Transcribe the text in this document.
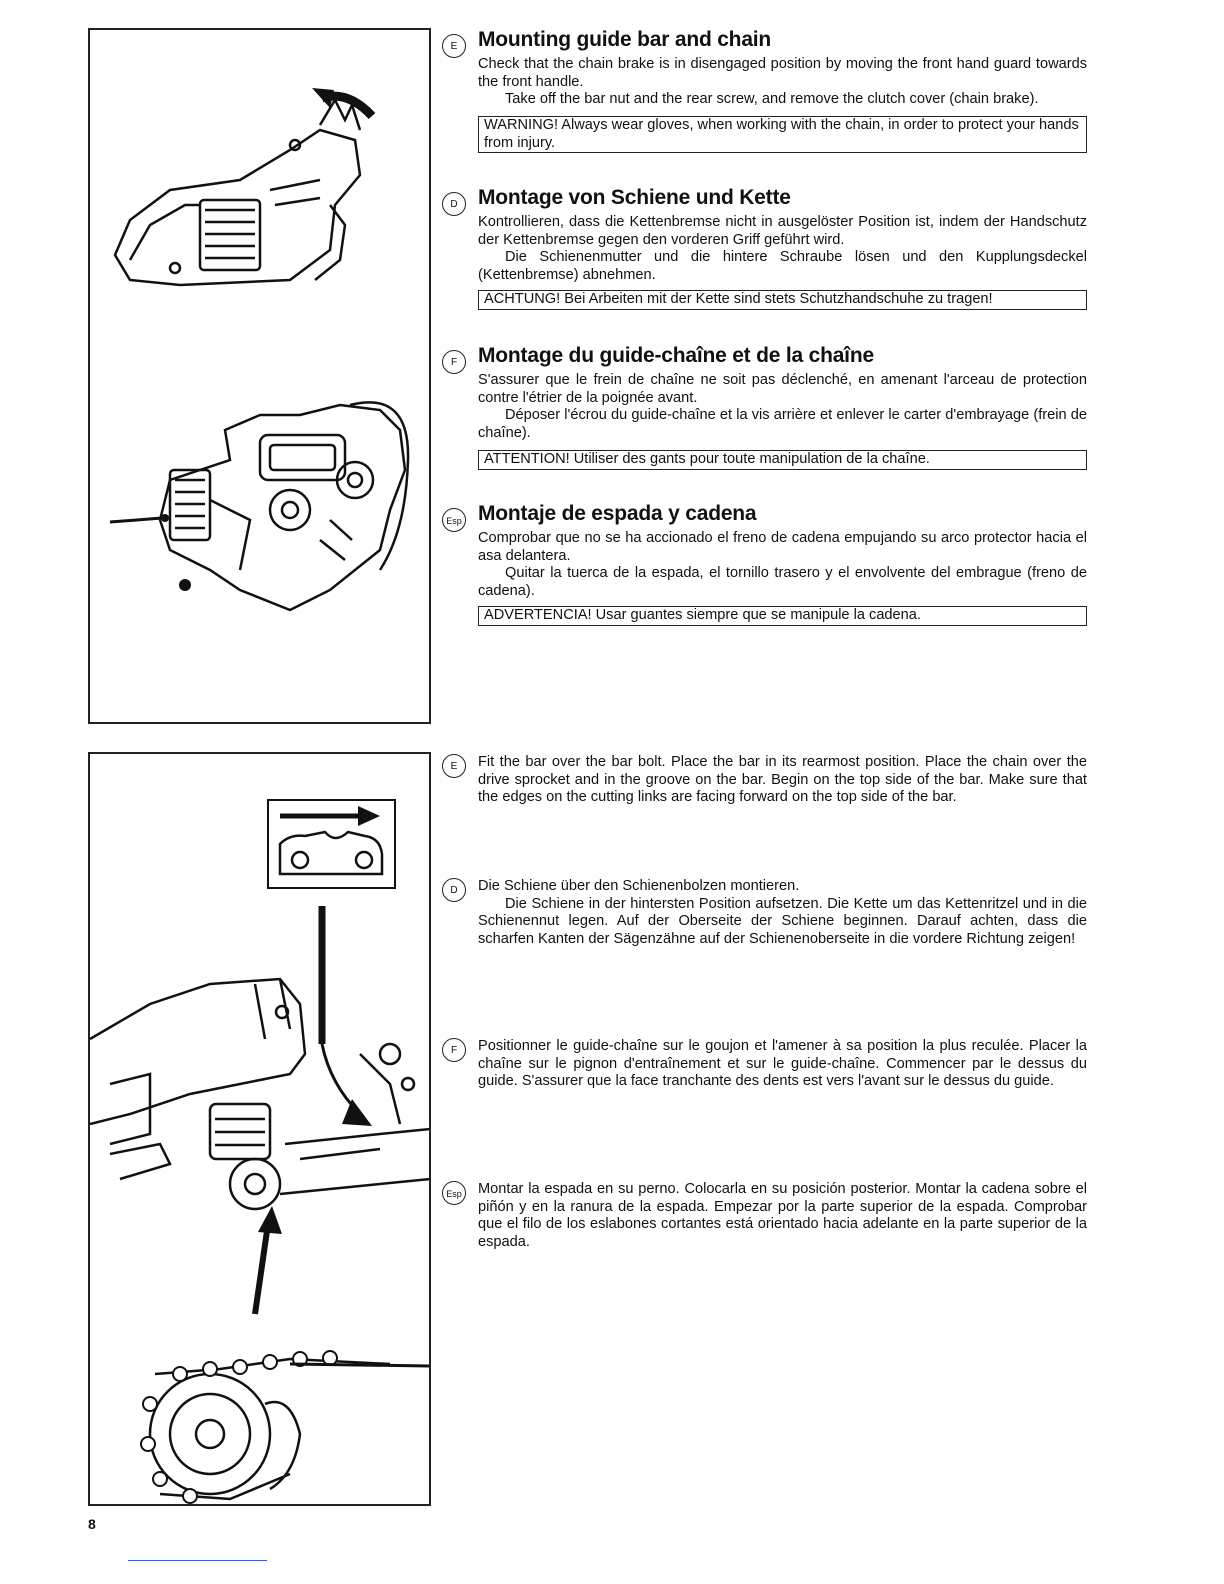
E Mounting guide bar and chain

Check that the chain brake is in disengaged position by moving the front hand guard towards the front handle.

Take off the bar nut and the rear screw, and remove the clutch cover (chain brake).

WARNING! Always wear gloves, when working with the chain, in order to protect your hands from injury.
D Montage von Schiene und Kette

Kontrollieren, dass die Kettenbremse nicht in ausgelöster Position ist, indem der Handschutz der Kettenbremse gegen den vorderen Griff geführt wird.

Die Schienenmutter und die hintere Schraube lösen und den Kupplungsdeckel (Kettenbremse) abnehmen.

ACHTUNG! Bei Arbeiten mit der Kette sind stets Schutzhandschuhe zu tragen!
F Montage du guide-chaîne et de la chaîne

S'assurer que le frein de chaîne ne soit pas déclenché, en amenant l'arceau de protection contre l'étrier de la poignée avant.

Déposer l'écrou du guide-chaîne et la vis arrière et enlever le carter d'embrayage (frein de chaîne).

ATTENTION! Utiliser des gants pour toute manipulation de la chaîne.
Esp Montaje de espada y cadena

Comprobar que no se ha accionado el freno de cadena empujando su arco protector hacia el asa delantera.

Quitar la tuerca de la espada, el tornillo trasero y el envolvente del embrague (freno de cadena).

ADVERTENCIA! Usar guantes siempre que se manipule la cadena.
E	Fit the bar over the bar bolt. Place the bar in its rearmost position. Place the chain over the drive sprocket and in the groove on the bar. Begin on the top side of the bar. Make sure that the edges on the cutting links are facing forward on the top side of the bar.

D	Die Schiene über den Schienenbolzen montieren.

Die Schiene in der hintersten Position aufsetzen. Die Kette um das Kettenritzel und in die Schienennut legen. Auf der Oberseite der Schiene beginnen. Darauf achten, dass die scharfen Kanten der Sägenzähne auf der Schienenoberseite in die vordere Richtung zeigen!

F	Positionner le guide-chaîne sur le goujon et l'amener à sa position la plus reculée. Placer la chaîne sur le pignon d'entraînement et sur le guide-chaîne. Commencer par le dessus du guide. S'assurer que la face tranchante des dents est vers l'avant sur le dessus du guide.

Esp Montar la espada en su perno. Colocarla en su posición posterior. Montar la cadena sobre el piñón y en la ranura de la espada. Empezar por la parte superior de la espada. Comprobar que el filo de los eslabones cortantes está orientado hacia adelante en la parte superior de la espada.

8
